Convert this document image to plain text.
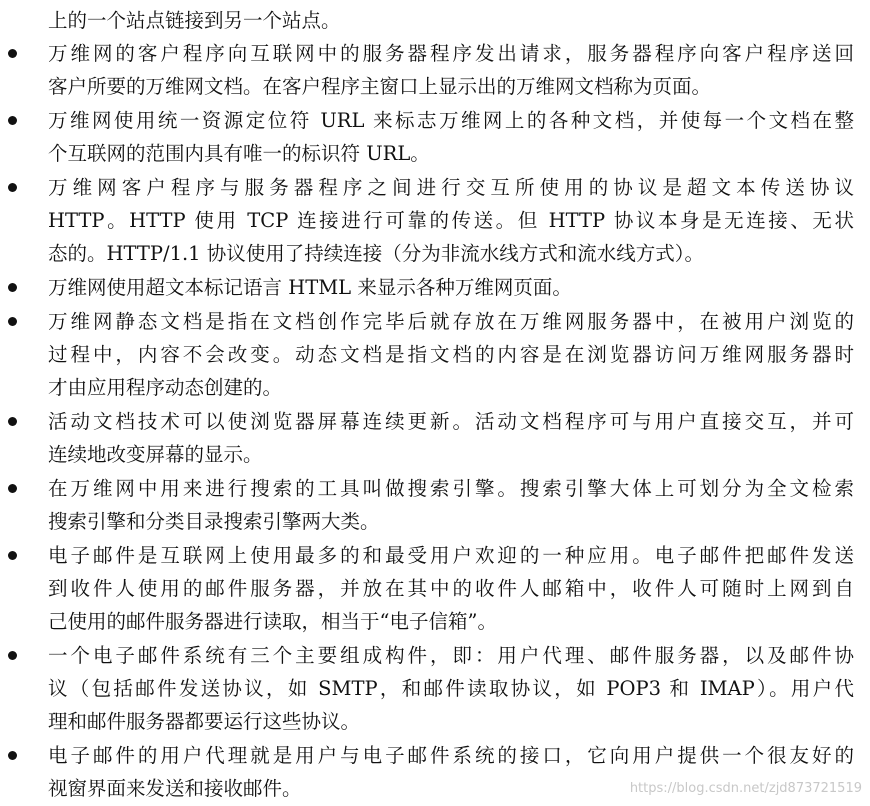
上的一个站点链接到另一个站点。
万维网的客户程序向互联网中的服务器程序发出请求，服务器程序向客户程序送回
客户所要的万维网文档。在客户程序主窗口上显示出的万维网文档称为页面。
万维网使用统一资源定位符 URL 来标志万维网上的各种文档，并使每一个文档在整
个互联网的范围内具有唯一的标识符 URL。
万维网客户程序与服务器程序之间进行交互所使用的协议是超文本传送协议
HTTP。HTTP 使用 TCP 连接进行可靠的传送。但 HTTP 协议本身是无连接、无状
态的。HTTP/1.1 协议使用了持续连接（分为非流水线方式和流水线方式）。
万维网使用超文本标记语言 HTML 来显示各种万维网页面。
万维网静态文档是指在文档创作完毕后就存放在万维网服务器中，在被用户浏览的
过程中，内容不会改变。动态文档是指文档的内容是在浏览器访问万维网服务器时
才由应用程序动态创建的。
活动文档技术可以使浏览器屏幕连续更新。活动文档程序可与用户直接交互，并可
连续地改变屏幕的显示。
在万维网中用来进行搜索的工具叫做搜索引擎。搜索引擎大体上可划分为全文检索
搜索引擎和分类目录搜索引擎两大类。
电子邮件是互联网上使用最多的和最受用户欢迎的一种应用。电子邮件把邮件发送
到收件人使用的邮件服务器，并放在其中的收件人邮箱中，收件人可随时上网到自
己使用的邮件服务器进行读取，相当于“电子信箱”。
一个电子邮件系统有三个主要组成构件，即：用户代理、邮件服务器，以及邮件协
议（包括邮件发送协议，如 SMTP，和邮件读取协议，如 POP3 和 IMAP）。用户代
理和邮件服务器都要运行这些协议。
电子邮件的用户代理就是用户与电子邮件系统的接口，它向用户提供一个很友好的
视窗界面来发送和接收邮件。	https://blog.csdn.net/zjd873721519
